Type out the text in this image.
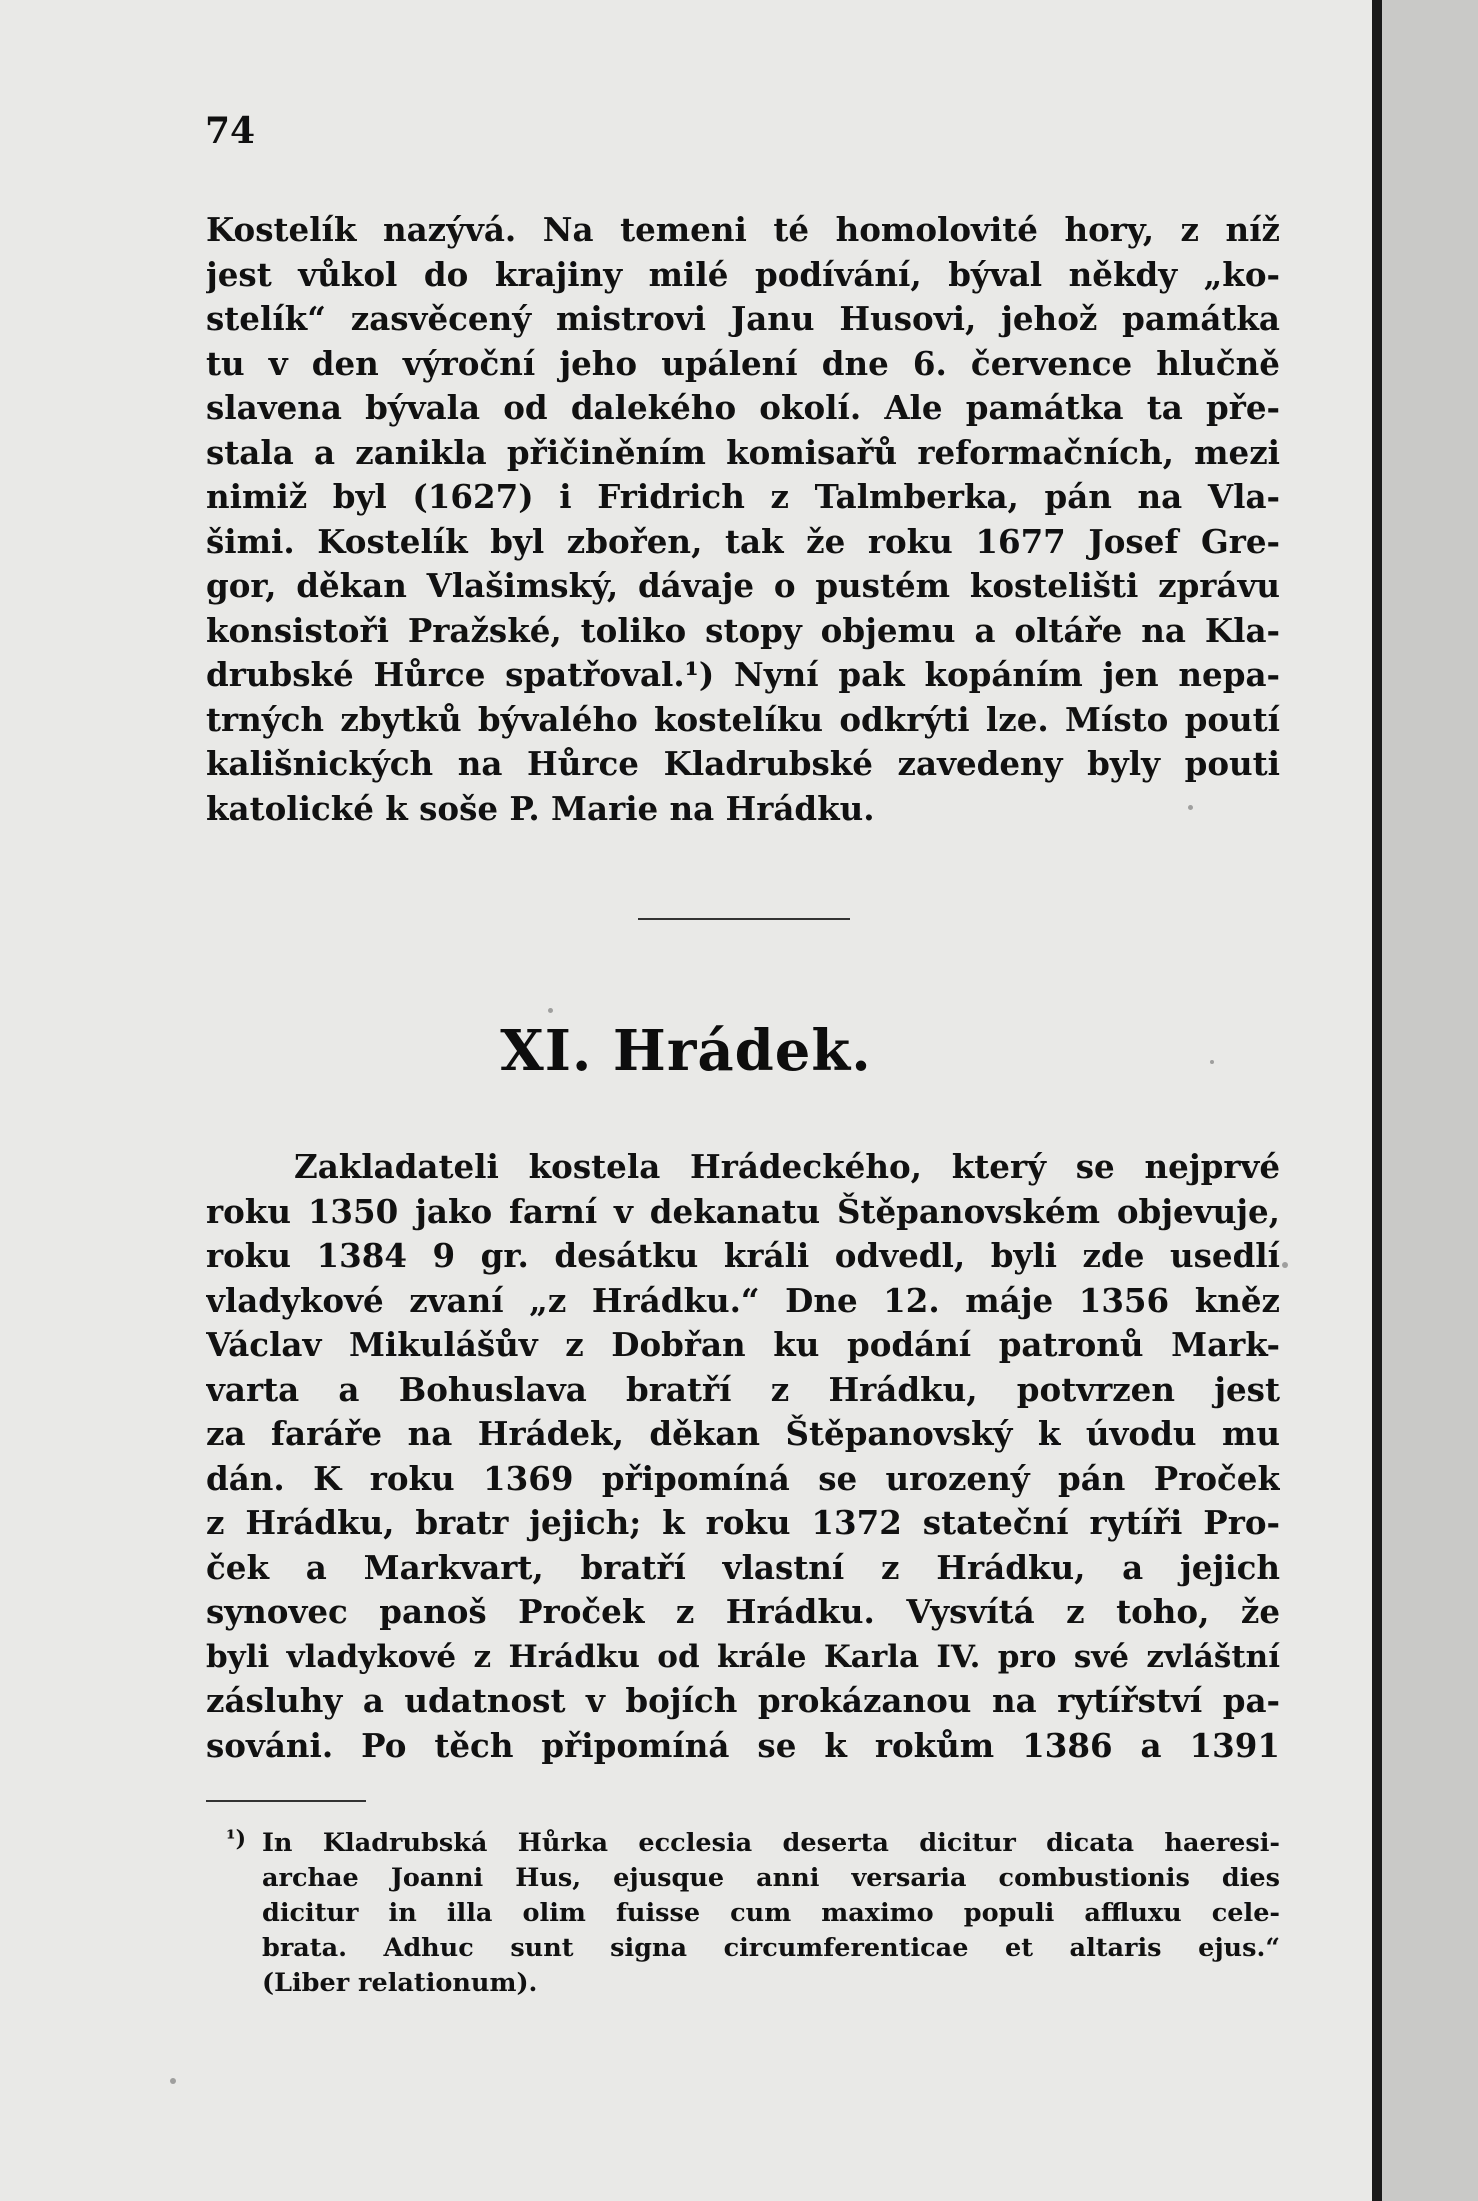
74
Kostelík nazývá. Na temeni té homolovité hory, z níž
jest vůkol do krajiny milé podívání, býval někdy „ko-
stelík“ zasvěcený mistrovi Janu Husovi, jehož památka
tu v den výroční jeho upálení dne 6. července hlučně
slavena bývala od dalekého okolí. Ale památka ta pře-
stala a zanikla přičiněním komisařů reformačních, mezi
nimiž byl (1627) i Fridrich z Talmberka, pán na Vla-
šimi. Kostelík byl zbořen, tak že roku 1677 Josef Gre-
gor, děkan Vlašimský, dávaje o pustém kostelišti zprávu
konsistoři Pražské, toliko stopy objemu a oltáře na Kla-
drubské Hůrce spatřoval.¹) Nyní pak kopáním jen nepa-
trných zbytků bývalého kostelíku odkrýti lze. Místo poutí
kališnických na Hůrce Kladrubské zavedeny byly pouti
katolické k soše P. Marie na Hrádku.
XI. Hrádek.
Zakladateli kostela Hrádeckého, který se nejprvé
roku 1350 jako farní v dekanatu Štěpanovském objevuje,
roku 1384 9 gr. desátku králi odvedl, byli zde usedlí
vladykové zvaní „z Hrádku.“ Dne 12. máje 1356 kněz
Václav Mikulášův z Dobřan ku podání patronů Mark-
varta a Bohuslava bratří z Hrádku, potvrzen jest
za faráře na Hrádek, děkan Štěpanovský k úvodu mu
dán. K roku 1369 připomíná se urozený pán Proček
z Hrádku, bratr jejich; k roku 1372 stateční rytíři Pro-
ček a Markvart, bratří vlastní z Hrádku, a jejich
synovec panoš Proček z Hrádku. Vysvítá z toho, že
byli vladykové z Hrádku od krále Karla IV. pro své zvláštní
zásluhy a udatnost v bojích prokázanou na rytířství pa-
sováni. Po těch připomíná se k rokům 1386 a 1391
¹) In Kladrubská Hůrka ecclesia deserta dicitur dicata haeresi-
archae Joanni Hus, ejusque anni versaria combustionis dies
dicitur in illa olim fuisse cum maximo populi affluxu cele-
brata. Adhuc sunt signa circumferenticae et altaris ejus.“
(Liber relationum).
